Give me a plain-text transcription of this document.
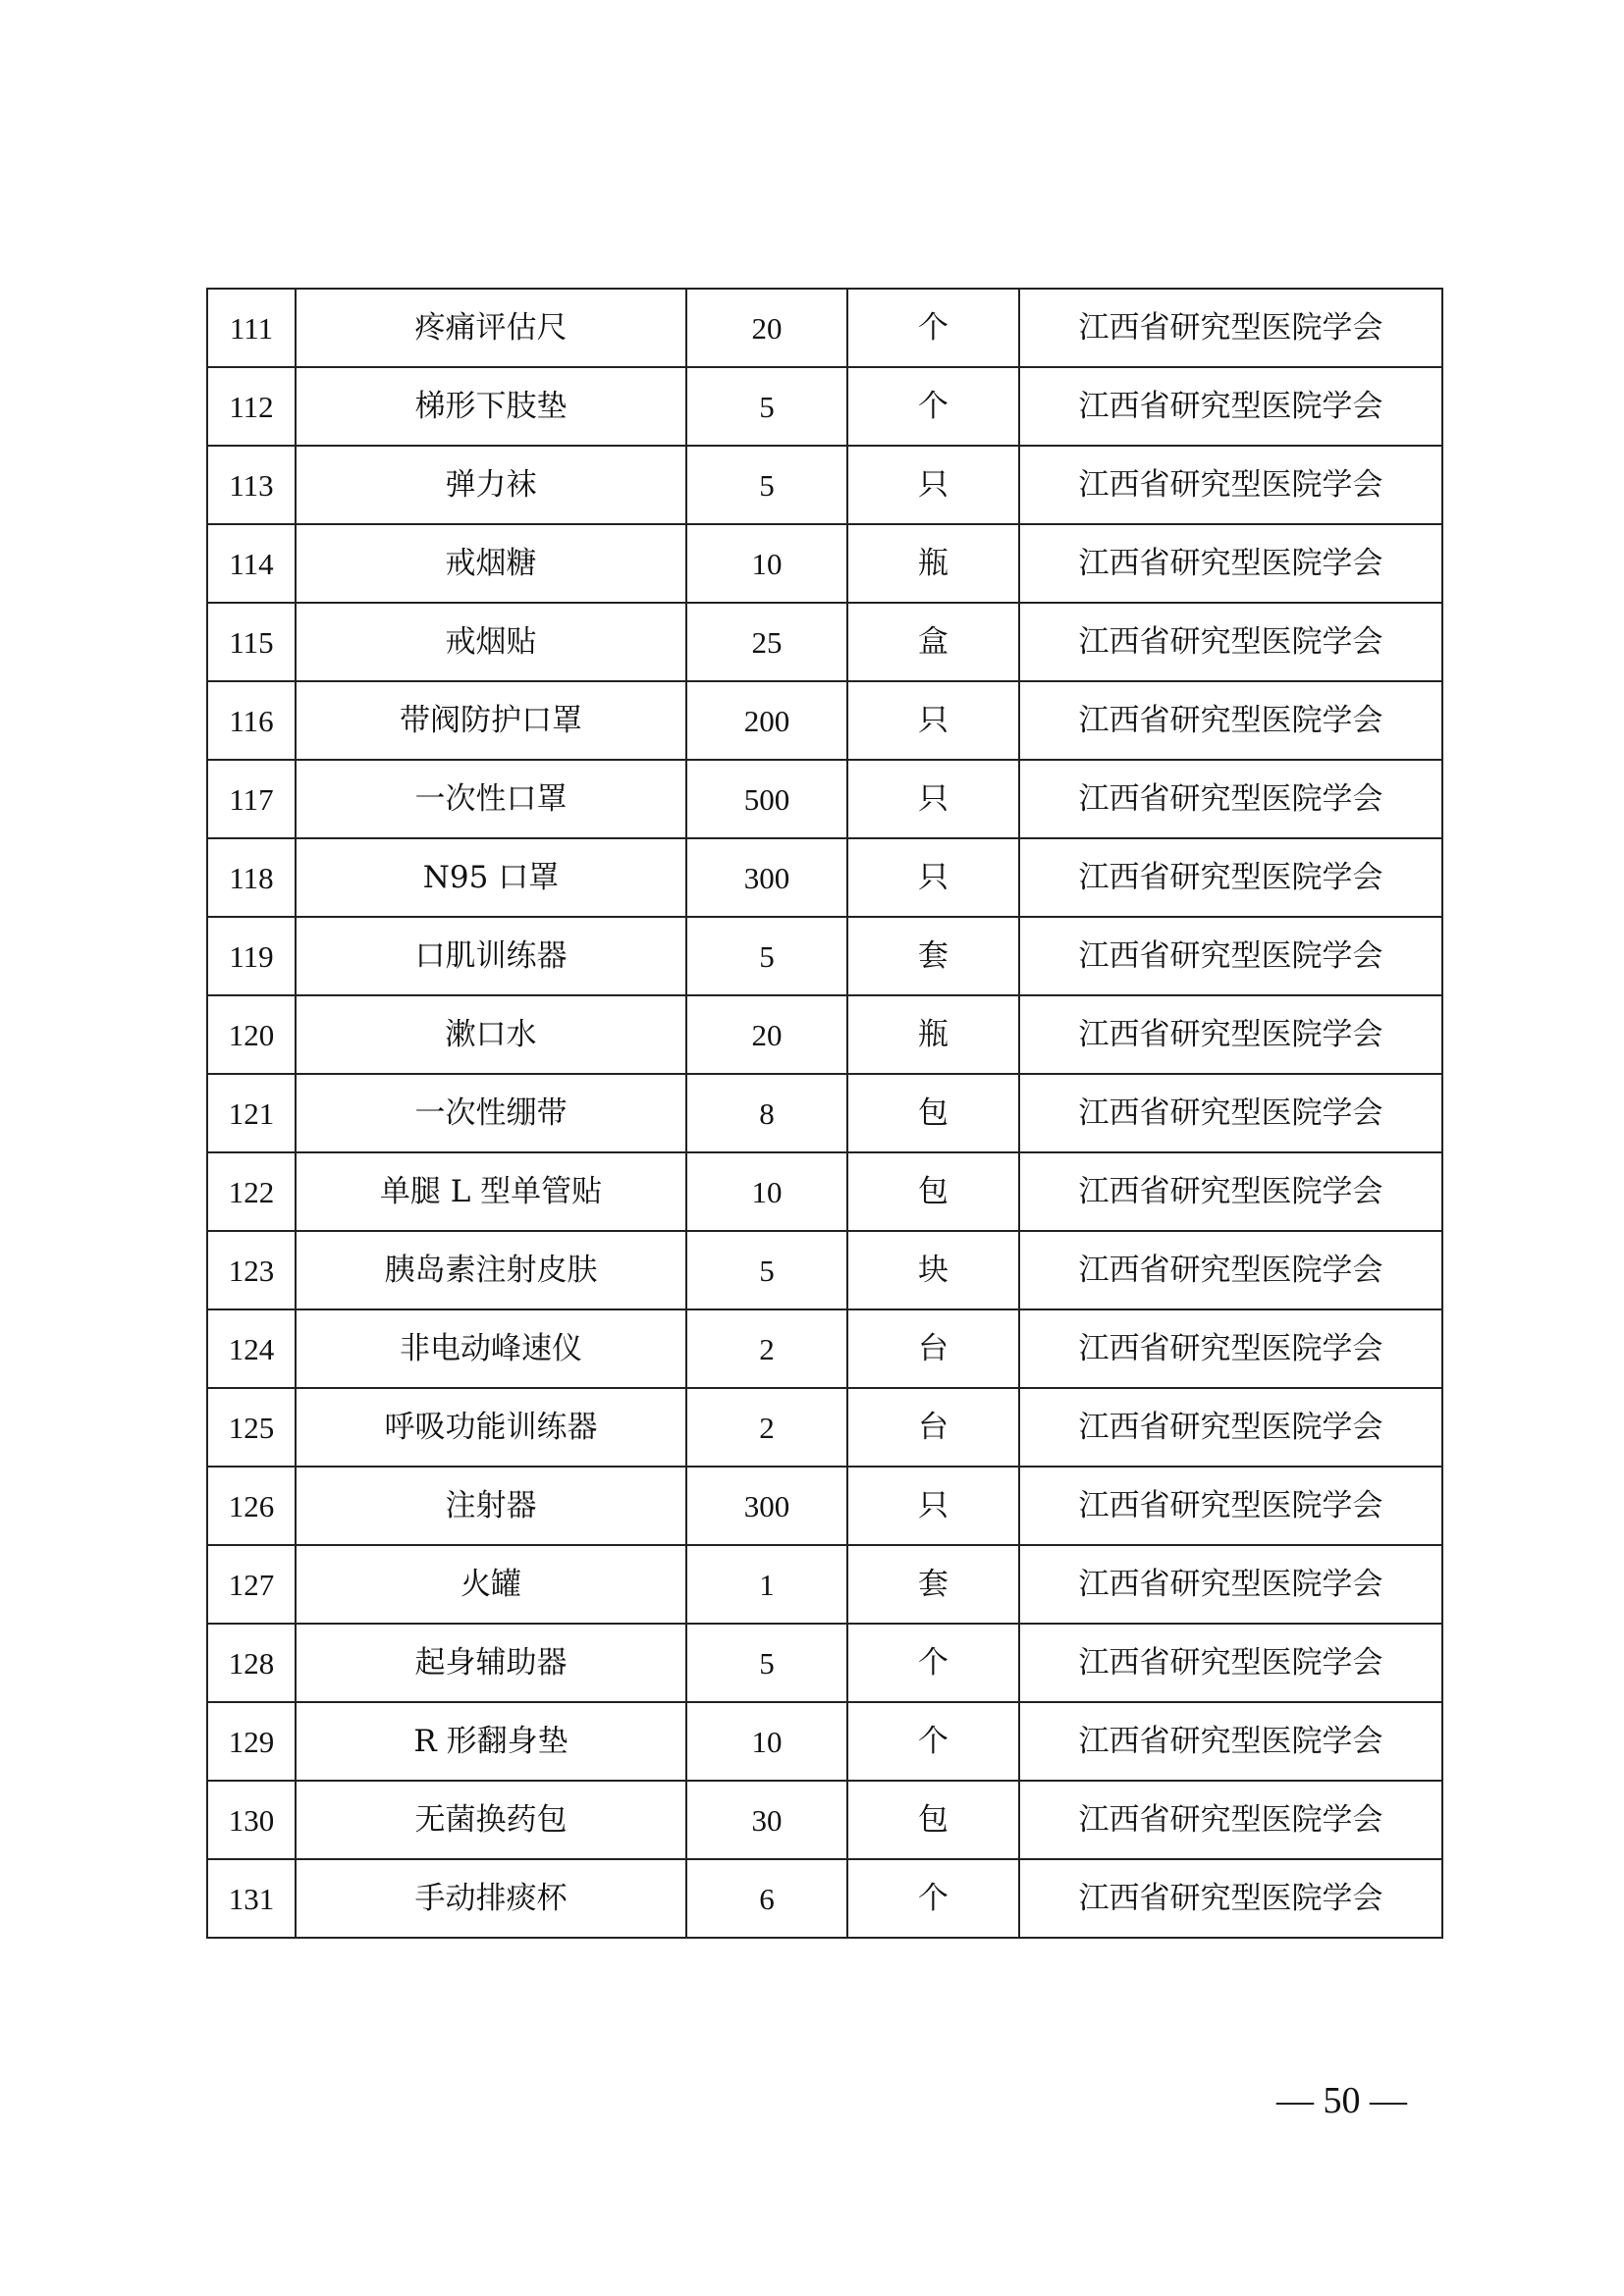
111	疼痛评估尺	20	个	江西省研究型医院学会
112	梯形下肢垫	5	个	江西省研究型医院学会
113	弹力袜	5	只	江西省研究型医院学会
114	戒烟糖	10	瓶	江西省研究型医院学会
115	戒烟贴	25	盒	江西省研究型医院学会
116	带阀防护口罩	200	只	江西省研究型医院学会
117	一次性口罩	500	只	江西省研究型医院学会
118	N95 口罩	300	只	江西省研究型医院学会
119	口肌训练器	5	套	江西省研究型医院学会
120	漱口水	20	瓶	江西省研究型医院学会
121	一次性绷带	8	包	江西省研究型医院学会
122	单腿 L 型单管贴	10	包	江西省研究型医院学会
123	胰岛素注射皮肤	5	块	江西省研究型医院学会
124	非电动峰速仪	2	台	江西省研究型医院学会
125	呼吸功能训练器	2	台	江西省研究型医院学会
126	注射器	300	只	江西省研究型医院学会
127	火罐	1	套	江西省研究型医院学会
128	起身辅助器	5	个	江西省研究型医院学会
129	R 形翻身垫	10	个	江西省研究型医院学会
130	无菌换药包	30	包	江西省研究型医院学会
131	手动排痰杯	6	个	江西省研究型医院学会
— 50 —
